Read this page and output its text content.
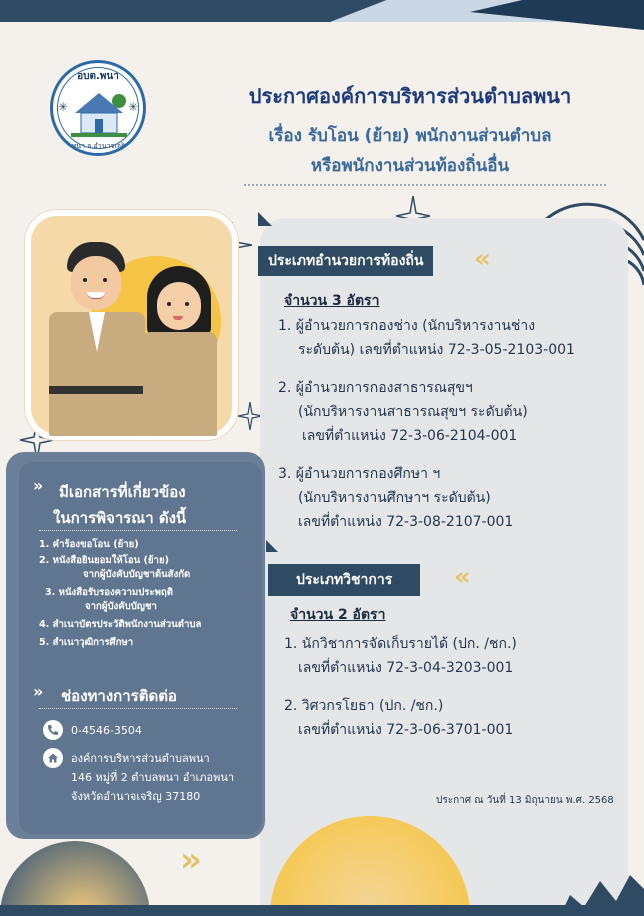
อบต.พนา
อ.พนา จ.อำนาจเจริญ
✳	✳	ประกาศองค์การบริหารส่วนตำบลพนา
เรื่อง รับโอน (ย้าย) พนักงานส่วนตำบล
หรือพนักงานส่วนท้องถิ่นอื่น
ประเภทอำนวยการท้องถิ่น	«
จำนวน 3 อัตรา
1. ผู้อำนวยการกองช่าง (นักบริหารงานช่าง
ระดับต้น) เลขที่ตำแหน่ง 72-3-05-2103-001
2. ผู้อำนวยการกองสาธารณสุขฯ
(นักบริหารงานสาธารณสุขฯ ระดับต้น)
เลขที่ตำแหน่ง 72-3-06-2104-001
3. ผู้อำนวยการกองศึกษา ฯ
(นักบริหารงานศึกษาฯ ระดับต้น)
เลขที่ตำแหน่ง 72-3-08-2107-001
ประเภทวิชาการ	«
จำนวน 2 อัตรา
1. นักวิชาการจัดเก็บรายได้ (ปก. /ชก.)
เลขที่ตำแหน่ง 72-3-04-3203-001
2. วิศวกรโยธา (ปก. /ชก.)
เลขที่ตำแหน่ง 72-3-06-3701-001
ประกาศ ณ วันที่ 13 มิถุนายน พ.ศ. 2568
» มีเอกสารที่เกี่ยวข้อง
ในการพิจารณา ดังนี้
1. คำร้องขอโอน (ย้าย)
2. หนังสือยินยอมให้โอน (ย้าย)
จากผู้บังคับบัญชาต้นสังกัด
3. หนังสือรับรองความประพฤติ
จากผู้บังคับบัญชา
4. สำเนาบัตรประวัติพนักงานส่วนตำบล
5. สำเนาวุฒิการศึกษา
» ช่องทางการติดต่อ
0-4546-3504
องค์การบริหารส่วนตำบลพนา
146 หมู่ที่ 2 ตำบลพนา อำเภอพนา
จังหวัดอำนาจเจริญ 37180
»
